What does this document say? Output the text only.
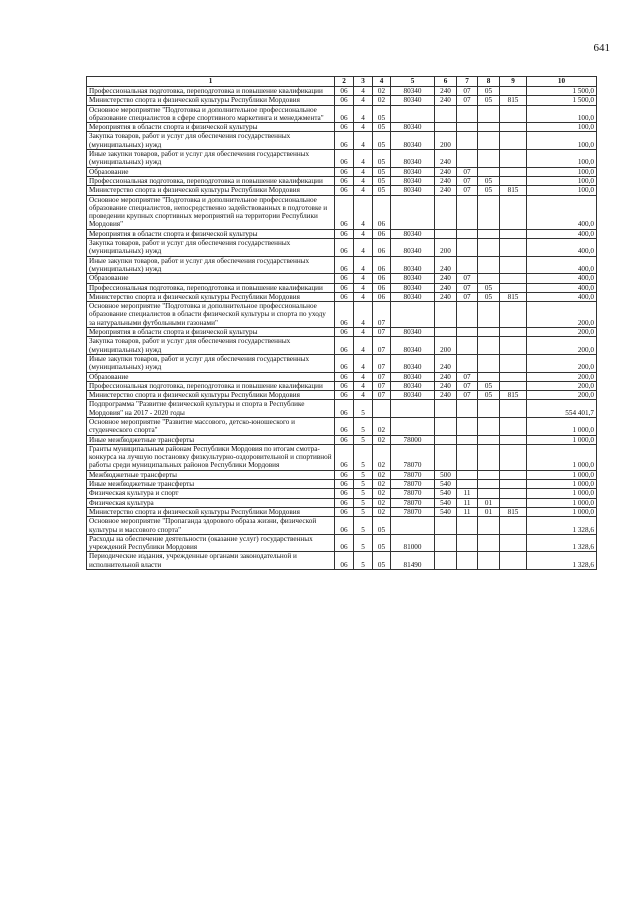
641
1	2	3	4	5	6	7	8	9	10
Профессиональная подготовка, переподготовка и повышение квалификации	06	4	02	80340	240	07	05		1 500,0
Министерство спорта и физической культуры Республики Мордовия	06	4	02	80340	240	07	05	815	1 500,0
Основное мероприятие "Подготовка и дополнительное профессиональное образование специалистов в сфере спортивного маркетинга и менеджмента"	06	4	05						100,0
Мероприятия в области спорта и физической культуры	06	4	05	80340					100,0
Закупка товаров, работ и услуг для обеспечения государственных (муниципальных) нужд	06	4	05	80340	200				100,0
Иные закупки товаров, работ и услуг для обеспечения государственных (муниципальных) нужд	06	4	05	80340	240				100,0
Образование	06	4	05	80340	240	07			100,0
Профессиональная подготовка, переподготовка и повышение квалификации	06	4	05	80340	240	07	05		100,0
Министерство спорта и физической культуры Республики Мордовия	06	4	05	80340	240	07	05	815	100,0
Основное мероприятие "Подготовка и дополнительное профессиональное образование специалистов, непосредственно задействованных в подготовке и проведении крупных спортивных мероприятий на территории Республики Мордовия"	06	4	06						400,0
Мероприятия в области спорта и физической культуры	06	4	06	80340					400,0
Закупка товаров, работ и услуг для обеспечения государственных (муниципальных) нужд	06	4	06	80340	200				400,0
Иные закупки товаров, работ и услуг для обеспечения государственных (муниципальных) нужд	06	4	06	80340	240				400,0
Образование	06	4	06	80340	240	07			400,0
Профессиональная подготовка, переподготовка и повышение квалификации	06	4	06	80340	240	07	05		400,0
Министерство спорта и физической культуры Республики Мордовия	06	4	06	80340	240	07	05	815	400,0
Основное мероприятие "Подготовка и дополнительное профессиональное образование специалистов в области физической культуры и спорта по уходу за натуральными футбольными газонами"	06	4	07						200,0
Мероприятия в области спорта и физической культуры	06	4	07	80340					200,0
Закупка товаров, работ и услуг для обеспечения государственных (муниципальных) нужд	06	4	07	80340	200				200,0
Иные закупки товаров, работ и услуг для обеспечения государственных (муниципальных) нужд	06	4	07	80340	240				200,0
Образование	06	4	07	80340	240	07			200,0
Профессиональная подготовка, переподготовка и повышение квалификации	06	4	07	80340	240	07	05		200,0
Министерство спорта и физической культуры Республики Мордовия	06	4	07	80340	240	07	05	815	200,0
Подпрограмма "Развитие физической культуры и спорта в Республике Мордовия" на 2017 - 2020 годы	06	5							554 401,7
Основное мероприятие "Развитие массового, детско-юношеского и студенческого спорта"	06	5	02						1 000,0
Иные межбюджетные трансферты	06	5	02	78000					1 000,0
Гранты муниципальным районам Республики Мордовия по итогам смотра-конкурса на лучшую постановку физкультурно-оздоровительной и спортивной работы среди муниципальных районов Республики Мордовия	06	5	02	78070					1 000,0
Межбюджетные трансферты	06	5	02	78070	500				1 000,0
Иные межбюджетные трансферты	06	5	02	78070	540				1 000,0
Физическая культура и спорт	06	5	02	78070	540	11			1 000,0
Физическая культура	06	5	02	78070	540	11	01		1 000,0
Министерство спорта и физической культуры Республики Мордовия	06	5	02	78070	540	11	01	815	1 000,0
Основное мероприятие "Пропаганда здорового образа жизни, физической культуры и массового спорта"	06	5	05						1 328,6
Расходы на обеспечение деятельности (оказание услуг) государственных учреждений Республики Мордовия	06	5	05	81000					1 328,6
Периодические издания, учрежденные органами законодательной и исполнительной власти	06	5	05	81490					1 328,6
